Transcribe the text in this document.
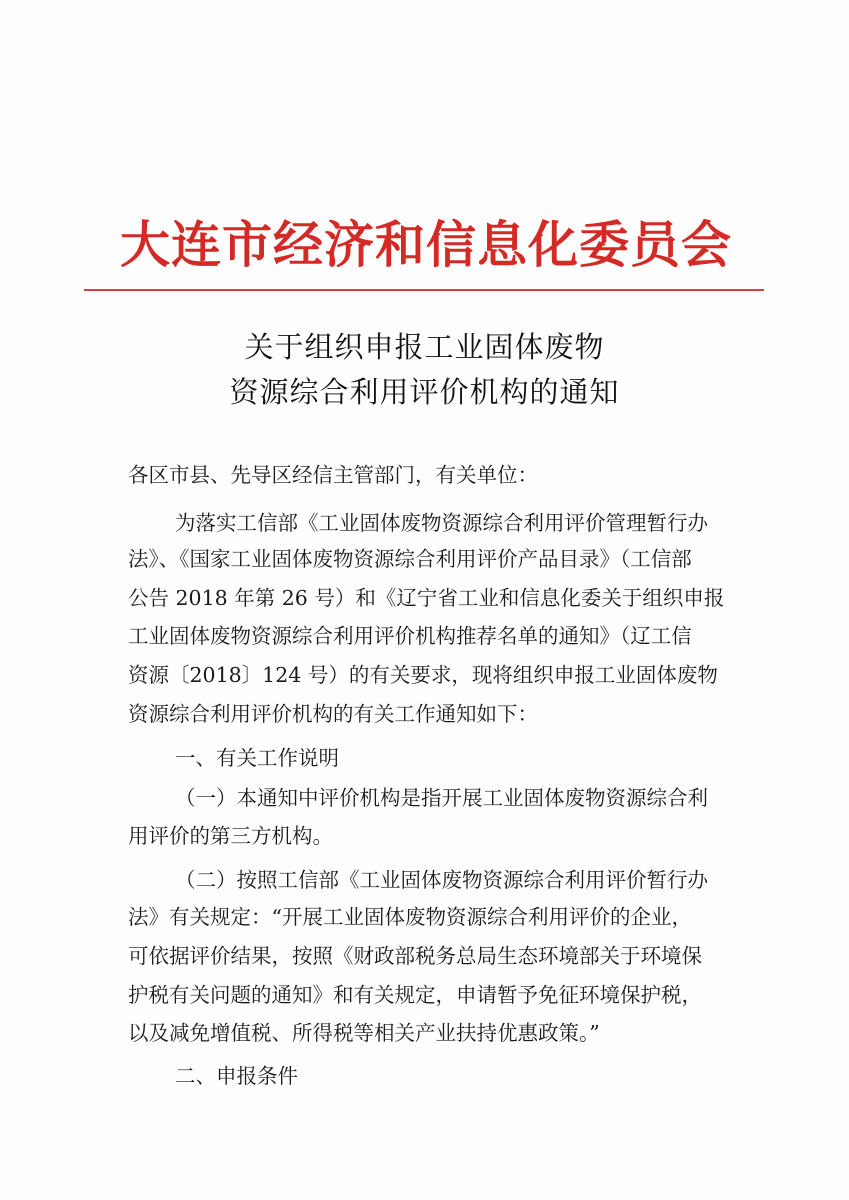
大连市经济和信息化委员会
关于组织申报工业固体废物
资源综合利用评价机构的通知
各区市县、先导区经信主管部门，有关单位：
为落实工信部《工业固体废物资源综合利用评价管理暂行办
法》、《国家工业固体废物资源综合利用评价产品目录》（工信部
公告 2018 年第 26 号）和《辽宁省工业和信息化委关于组织申报
工业固体废物资源综合利用评价机构推荐名单的通知》（辽工信
资源〔2018〕124 号）的有关要求，现将组织申报工业固体废物
资源综合利用评价机构的有关工作通知如下：
一、有关工作说明
（一）本通知中评价机构是指开展工业固体废物资源综合利
用评价的第三方机构。
（二）按照工信部《工业固体废物资源综合利用评价暂行办
法》有关规定：“开展工业固体废物资源综合利用评价的企业，
可依据评价结果，按照《财政部税务总局生态环境部关于环境保
护税有关问题的通知》和有关规定，申请暂予免征环境保护税，
以及减免增值税、所得税等相关产业扶持优惠政策。”
二、申报条件
